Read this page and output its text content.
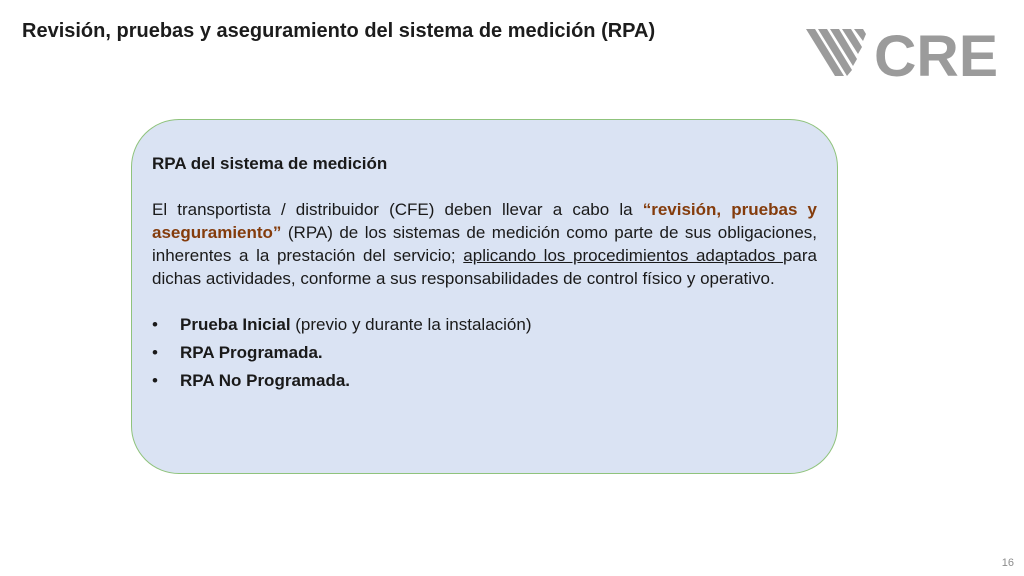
Revisión, pruebas y aseguramiento del sistema de medición (RPA)	CRE
RPA del sistema de medición

El transportista / distribuidor (CFE) deben llevar a cabo la “revisión, pruebas y aseguramiento” (RPA) de los sistemas de medición como parte de sus obligaciones, inherentes a la prestación del servicio; aplicando los procedimientos adaptados para dichas actividades, conforme a sus responsabilidades de control físico y operativo.

• Prueba Inicial (previo y durante la instalación)
• RPA Programada.
• RPA No Programada.
16
